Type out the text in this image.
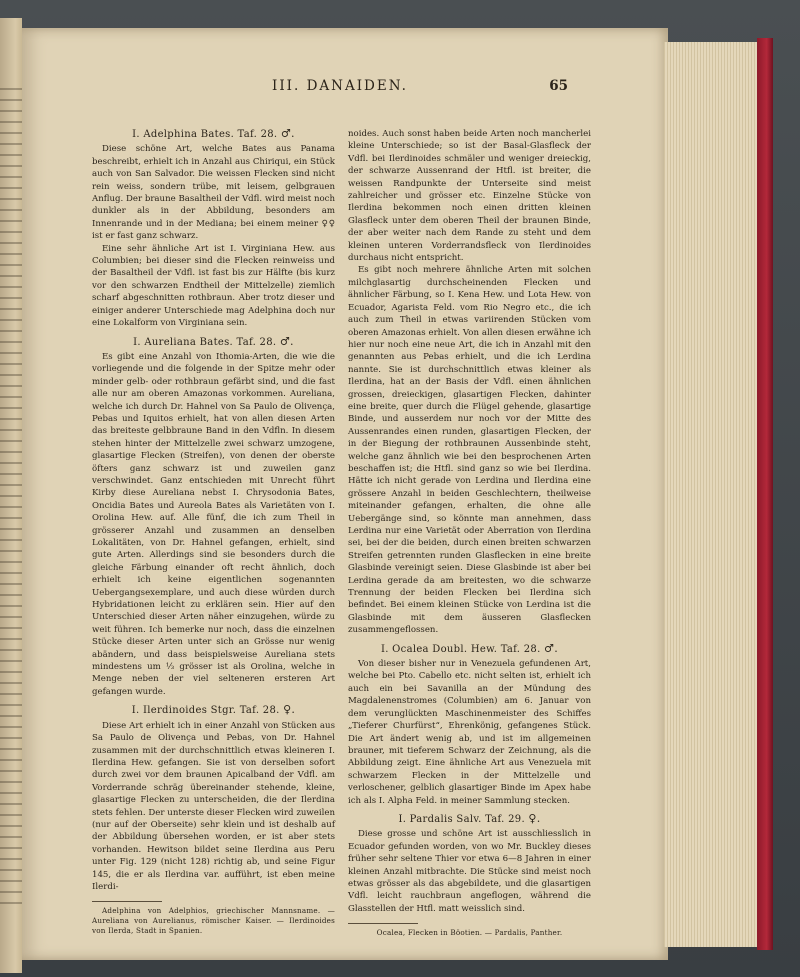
III. DANAIDEN.	65
I. Adelphina Bates. Taf. 28. ♂.

Diese schöne Art, welche Bates aus Panama beschreibt, erhielt ich in Anzahl aus Chiriqui, ein Stück auch von San Salvador. Die weissen Flecken sind nicht rein weiss, sondern trübe, mit leisem, gelbgrauen Anflug. Der braune Basaltheil der Vdfl. wird meist noch dunkler als in der Abbildung, besonders am Innenrande und in der Mediana; bei einem meiner ♀♀ ist er fast ganz schwarz.

Eine sehr ähnliche Art ist I. Virginiana Hew. aus Columbien; bei dieser sind die Flecken reinweiss und der Basaltheil der Vdfl. ist fast bis zur Hälfte (bis kurz vor den schwarzen Endtheil der Mittelzelle) ziemlich scharf abgeschnitten rothbraun. Aber trotz dieser und einiger anderer Unterschiede mag Adelphina doch nur eine Lokalform von Virginiana sein.

I. Aureliana Bates. Taf. 28. ♂.

Es gibt eine Anzahl von Ithomia-Arten, die wie die vorliegende und die folgende in der Spitze mehr oder minder gelb- oder rothbraun gefärbt sind, und die fast alle nur am oberen Amazonas vorkommen. Aureliana, welche ich durch Dr. Hahnel von Sa Paulo de Olivença, Pebas und Iquitos erhielt, hat von allen diesen Arten das breiteste gelbbraune Band in den Vdfln. In diesem stehen hinter der Mittelzelle zwei schwarz umzogene, glasartige Flecken (Streifen), von denen der oberste öfters ganz schwarz ist und zuweilen ganz verschwindet. Ganz entschieden mit Unrecht führt Kirby diese Aureliana nebst I. Chrysodonia Bates, Oncidia Bates und Aureola Bates als Varietäten von I. Orolina Hew. auf. Alle fünf, die ich zum Theil in grösserer Anzahl und zusammen an denselben Lokalitäten, von Dr. Hahnel gefangen, erhielt, sind gute Arten. Allerdings sind sie besonders durch die gleiche Färbung einander oft recht ähnlich, doch erhielt ich keine eigentlichen sogenannten Uebergangsexemplare, und auch diese würden durch Hybridationen leicht zu erklären sein. Hier auf den Unterschied dieser Arten näher einzugehen, würde zu weit führen. Ich bemerke nur noch, dass die einzelnen Stücke dieser Arten unter sich an Grösse nur wenig abändern, und dass beispielsweise Aureliana stets mindestens um ⅓ grösser ist als Orolina, welche in Menge neben der viel selteneren ersteren Art gefangen wurde.

I. Ilerdinoides Stgr. Taf. 28. ♀.

Diese Art erhielt ich in einer Anzahl von Stücken aus Sa Paulo de Olivença und Pebas, von Dr. Hahnel zusammen mit der durchschnittlich etwas kleineren I. Ilerdina Hew. gefangen. Sie ist von derselben sofort durch zwei vor dem braunen Apicalband der Vdfl. am Vorderrande schräg übereinander stehende, kleine, glasartige Flecken zu unterscheiden, die der Ilerdina stets fehlen. Der unterste dieser Flecken wird zuweilen (nur auf der Oberseite) sehr klein und ist deshalb auf der Abbildung übersehen worden, er ist aber stets vorhanden. Hewitson bildet seine Ilerdina aus Peru unter Fig. 129 (nicht 128) richtig ab, und seine Figur 145, die er als Ilerdina var. aufführt, ist eben meine Ilerdi-

Adelphina von Adelphios, griechischer Mannsname. — Aureliana von Aurelianus, römischer Kaiser. — Ilerdinoides von Ilerda, Stadt in Spanien.

noides. Auch sonst haben beide Arten noch mancherlei kleine Unterschiede; so ist der Basal-Glasfleck der Vdfl. bei Ilerdinoides schmäler und weniger dreieckig, der schwarze Aussenrand der Htfl. ist breiter, die weissen Randpunkte der Unterseite sind meist zahlreicher und grösser etc. Einzelne Stücke von Ilerdina bekommen noch einen dritten kleinen Glasfleck unter dem oberen Theil der braunen Binde, der aber weiter nach dem Rande zu steht und dem kleinen unteren Vorderrandsfleck von Ilerdinoides durchaus nicht entspricht.

Es gibt noch mehrere ähnliche Arten mit solchen milchglasartig durchscheinenden Flecken und ähnlicher Färbung, so I. Kena Hew. und Lota Hew. von Ecuador, Agarista Feld. vom Rio Negro etc., die ich auch zum Theil in etwas variirenden Stücken vom oberen Amazonas erhielt. Von allen diesen erwähne ich hier nur noch eine neue Art, die ich in Anzahl mit den genannten aus Pebas erhielt, und die ich Lerdina nannte. Sie ist durchschnittlich etwas kleiner als Ilerdina, hat an der Basis der Vdfl. einen ähnlichen grossen, dreieckigen, glasartigen Flecken, dahinter eine breite, quer durch die Flügel gehende, glasartige Binde, und ausserdem nur noch vor der Mitte des Aussenrandes einen runden, glasartigen Flecken, der in der Biegung der rothbraunen Aussenbinde steht, welche ganz ähnlich wie bei den besprochenen Arten beschaffen ist; die Htfl. sind ganz so wie bei Ilerdina. Hätte ich nicht gerade von Lerdina und Ilerdina eine grössere Anzahl in beiden Geschlechtern, theilweise miteinander gefangen, erhalten, die ohne alle Uebergänge sind, so könnte man annehmen, dass Lerdina nur eine Varietät oder Aberration von Ilerdina sei, bei der die beiden, durch einen breiten schwarzen Streifen getrennten runden Glasflecken in eine breite Glasbinde vereinigt seien. Diese Glasbinde ist aber bei Lerdina gerade da am breitesten, wo die schwarze Trennung der beiden Flecken bei Ilerdina sich befindet. Bei einem kleinen Stücke von Lerdina ist die Glasbinde mit dem äusseren Glasflecken zusammengeflossen.

I. Ocalea Doubl. Hew. Taf. 28. ♂.

Von dieser bisher nur in Venezuela gefundenen Art, welche bei Pto. Cabello etc. nicht selten ist, erhielt ich auch ein bei Savanilla an der Mündung des Magdalenenstromes (Columbien) am 6. Januar von dem verunglückten Maschinenmeister des Schiffes „Tieferer Churfürst“, Ehrenkönig, gefangenes Stück. Die Art ändert wenig ab, und ist im allgemeinen brauner, mit tieferem Schwarz der Zeichnung, als die Abbildung zeigt. Eine ähnliche Art aus Venezuela mit schwarzem Flecken in der Mittelzelle und verloschener, gelblich glasartiger Binde im Apex habe ich als I. Alpha Feld. in meiner Sammlung stecken.

I. Pardalis Salv. Taf. 29. ♀.

Diese grosse und schöne Art ist ausschliesslich in Ecuador gefunden worden, von wo Mr. Buckley dieses früher sehr seltene Thier vor etwa 6—8 Jahren in einer kleinen Anzahl mitbrachte. Die Stücke sind meist noch etwas grösser als das abgebildete, und die glasartigen Vdfl. leicht rauchbraun angeflogen, während die Glasstellen der Htfl. matt weisslich sind.

Ocalea, Flecken in Böotien. — Pardalis, Panther.
